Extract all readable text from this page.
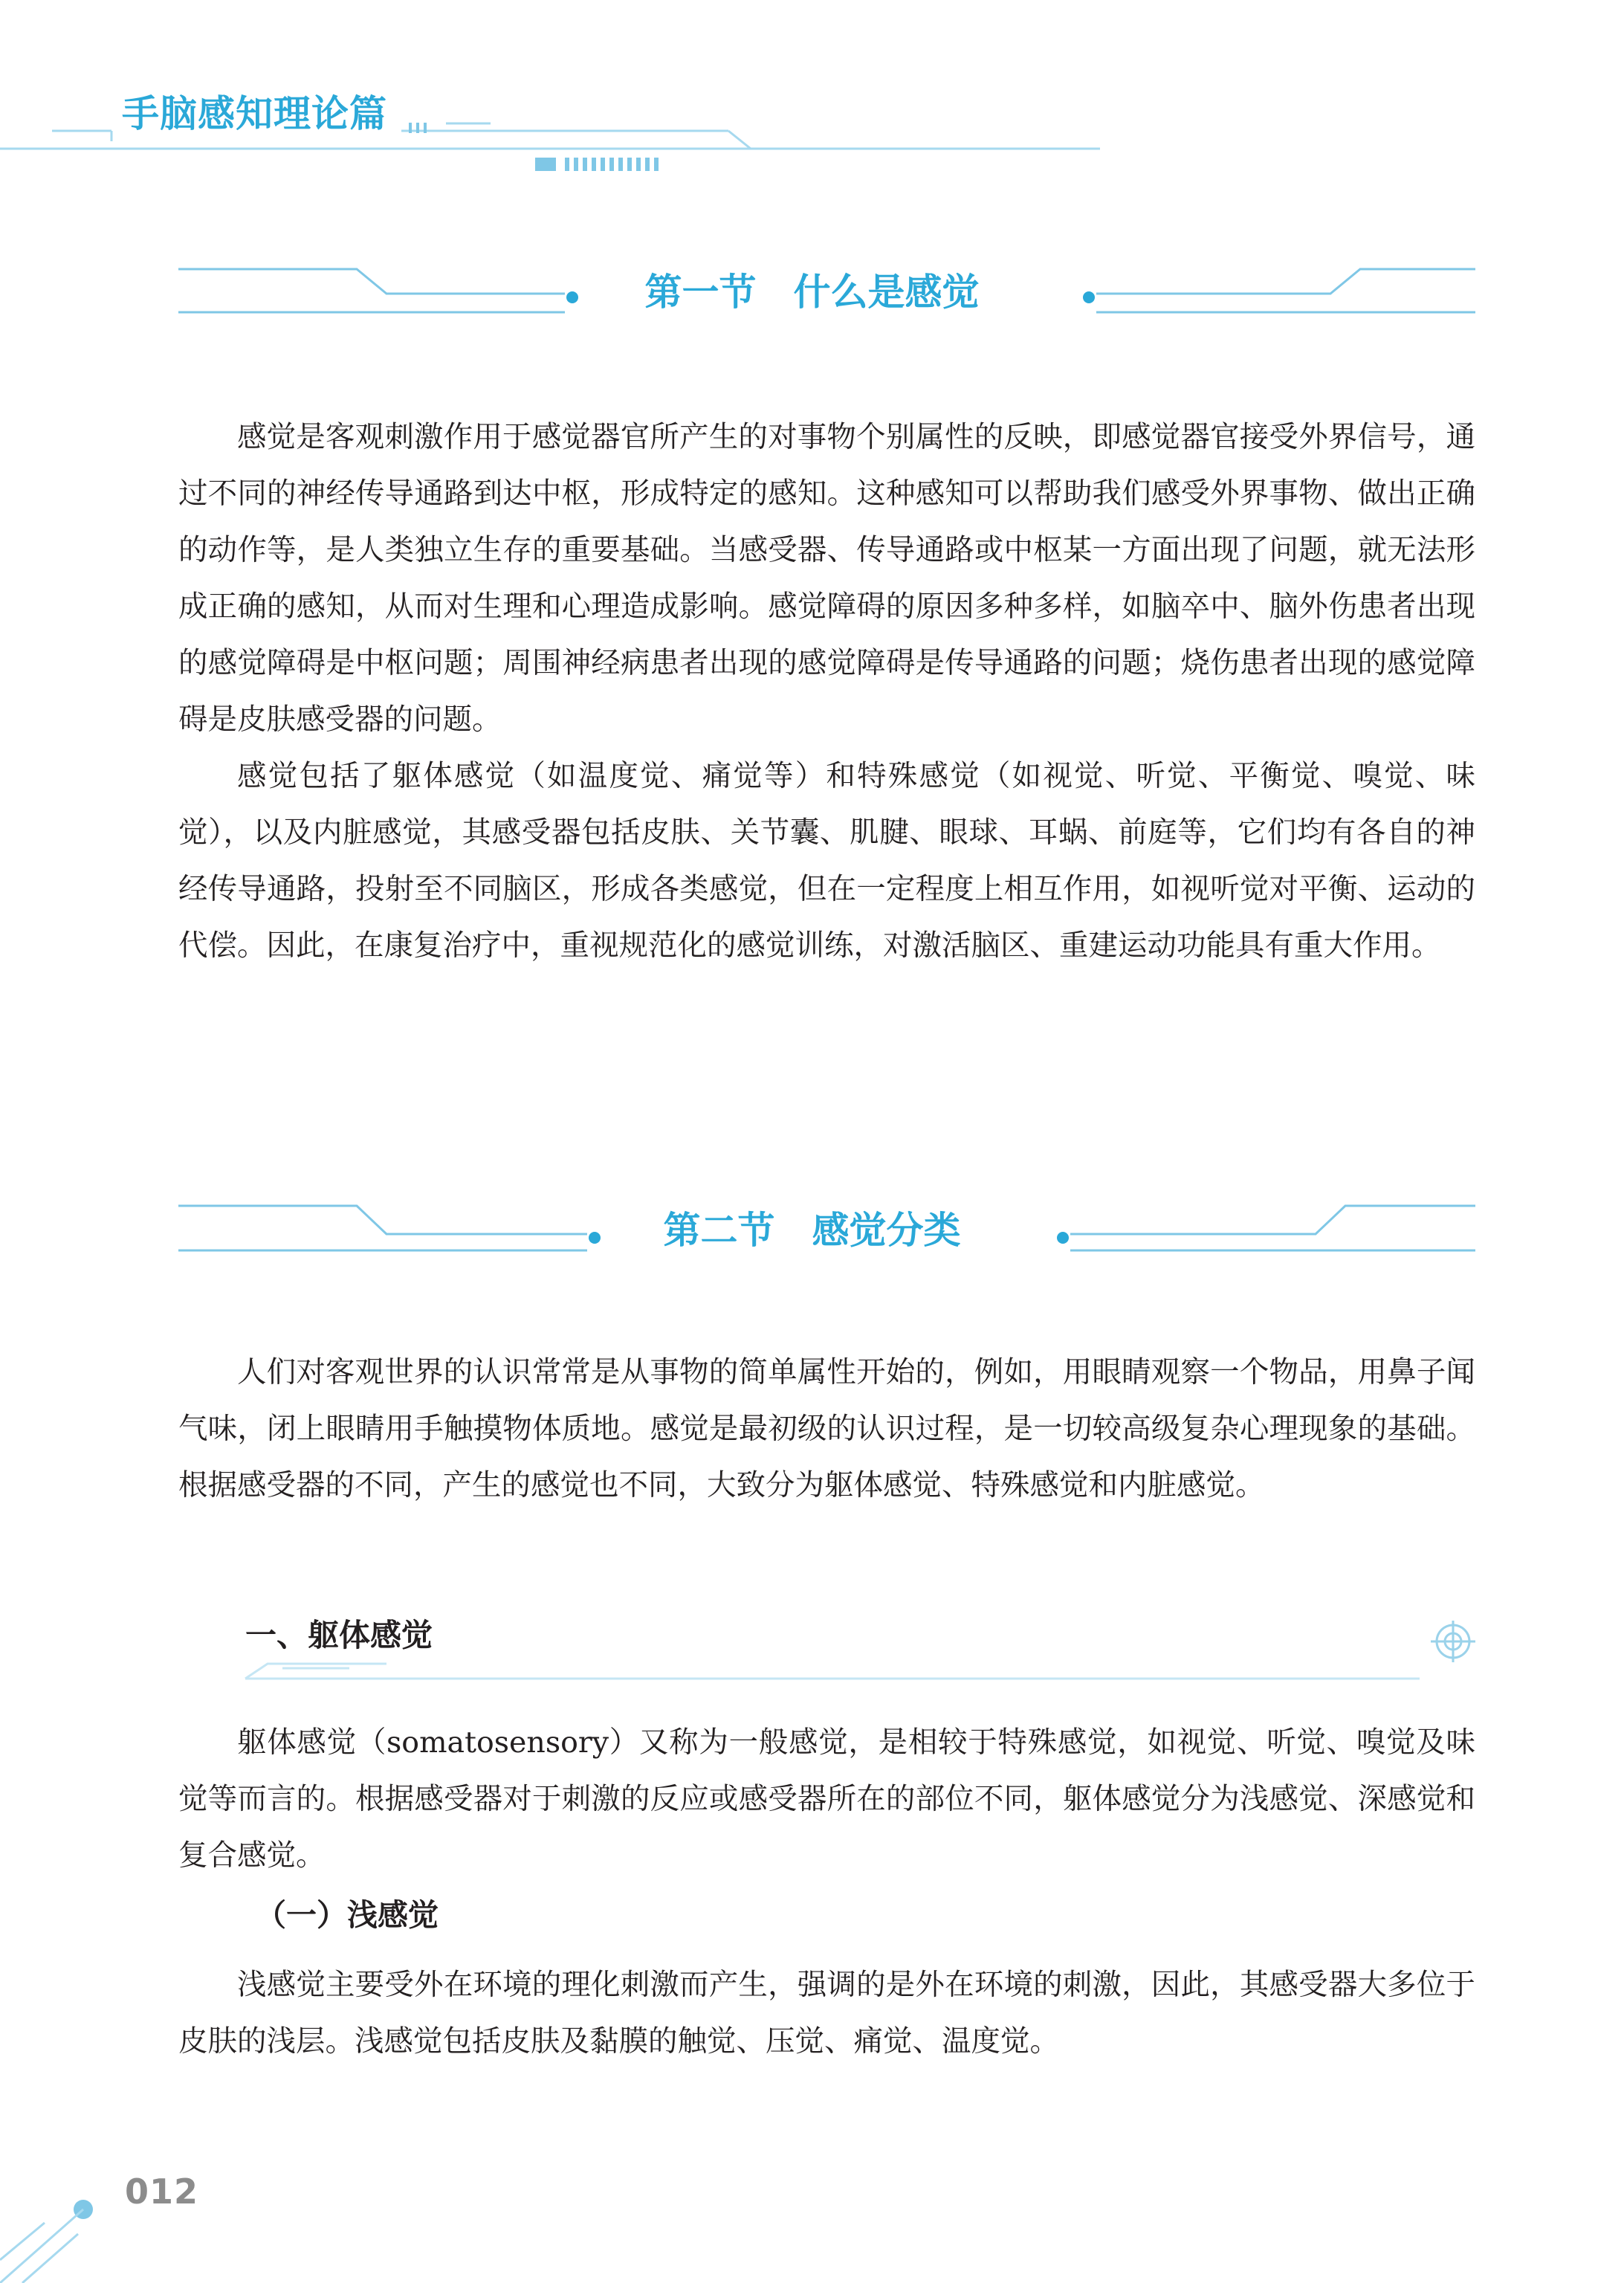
手脑感知理论篇
第一节　什么是感觉

感觉是客观刺激作用于感觉器官所产生的对事物个别属性的反映，即感觉器官接受外界信号，通过不同的神经传导通路到达中枢，形成特定的感知。这种感知可以帮助我们感受外界事物、做出正确的动作等，是人类独立生存的重要基础。当感受器、传导通路或中枢某一方面出现了问题，就无法形成正确的感知，从而对生理和心理造成影响。感觉障碍的原因多种多样，如脑卒中、脑外伤患者出现的感觉障碍是中枢问题；周围神经病患者出现的感觉障碍是传导通路的问题；烧伤患者出现的感觉障碍是皮肤感受器的问题。

感觉包括了躯体感觉（如温度觉、痛觉等）和特殊感觉（如视觉、听觉、平衡觉、嗅觉、味觉），以及内脏感觉，其感受器包括皮肤、关节囊、肌腱、眼球、耳蜗、前庭等，它们均有各自的神经传导通路，投射至不同脑区，形成各类感觉，但在一定程度上相互作用，如视听觉对平衡、运动的代偿。因此，在康复治疗中，重视规范化的感觉训练，对激活脑区、重建运动功能具有重大作用。

第二节　感觉分类

人们对客观世界的认识常常是从事物的简单属性开始的，例如，用眼睛观察一个物品，用鼻子闻气味，闭上眼睛用手触摸物体质地。感觉是最初级的认识过程，是一切较高级复杂心理现象的基础。根据感受器的不同，产生的感觉也不同，大致分为躯体感觉、特殊感觉和内脏感觉。

一、躯体感觉

躯体感觉（somatosensory）又称为一般感觉，是相较于特殊感觉，如视觉、听觉、嗅觉及味觉等而言的。根据感受器对于刺激的反应或感受器所在的部位不同，躯体感觉分为浅感觉、深感觉和复合感觉。

（一）浅感觉

浅感觉主要受外在环境的理化刺激而产生，强调的是外在环境的刺激，因此，其感受器大多位于皮肤的浅层。浅感觉包括皮肤及黏膜的触觉、压觉、痛觉、温度觉。

012
